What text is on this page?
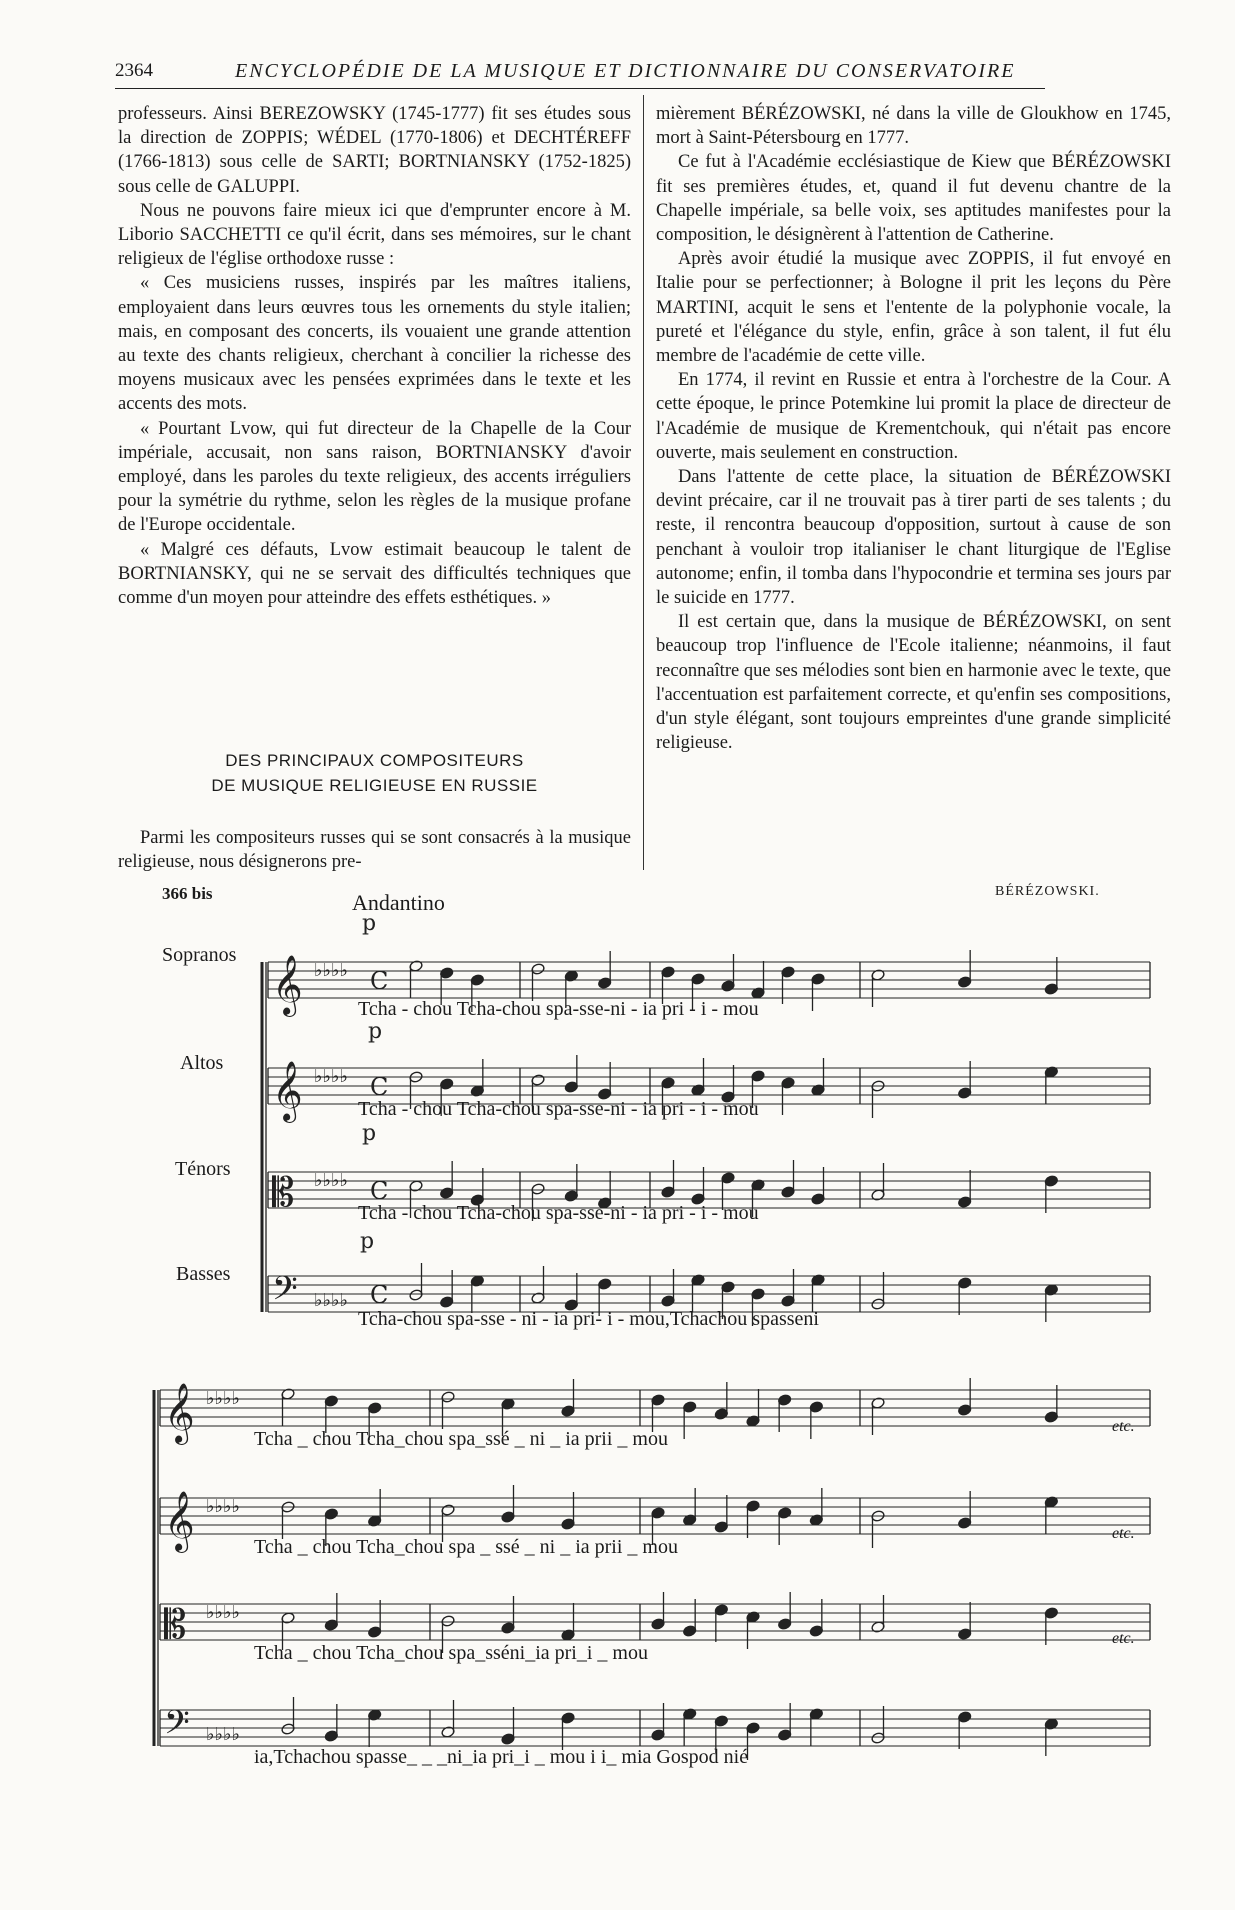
2364	ENCYCLOPÉDIE DE LA MUSIQUE ET DICTIONNAIRE DU CONSERVATOIRE

professeurs. Ainsi BEREZOWSKY (1745-1777) fit ses études sous la direction de ZOPPIS; WÉDEL (1770-1806) et DECHTÉREFF (1766-1813) sous celle de SARTI; BORTNIANSKY (1752-1825) sous celle de GALUPPI.

Nous ne pouvons faire mieux ici que d'emprunter encore à M. Liborio SACCHETTI ce qu'il écrit, dans ses mémoires, sur le chant religieux de l'église orthodoxe russe :

« Ces musiciens russes, inspirés par les maîtres italiens, employaient dans leurs œuvres tous les ornements du style italien; mais, en composant des concerts, ils vouaient une grande attention au texte des chants religieux, cherchant à concilier la richesse des moyens musicaux avec les pensées exprimées dans le texte et les accents des mots.

« Pourtant Lvow, qui fut directeur de la Chapelle de la Cour impériale, accusait, non sans raison, BORTNIANSKY d'avoir employé, dans les paroles du texte religieux, des accents irréguliers pour la symétrie du rythme, selon les règles de la musique profane de l'Europe occidentale.

« Malgré ces défauts, Lvow estimait beaucoup le talent de BORTNIANSKY, qui ne se servait des difficultés techniques que comme d'un moyen pour atteindre des effets esthétiques. »

DES PRINCIPAUX COMPOSITEURS
DE MUSIQUE RELIGIEUSE EN RUSSIE
Parmi les compositeurs russes qui se sont consacrés à la musique religieuse, nous désignerons pre-

mièrement BÉRÉZOWSKI, né dans la ville de Gloukhow en 1745, mort à Saint-Pétersbourg en 1777.

Ce fut à l'Académie ecclésiastique de Kiew que BÉRÉZOWSKI fit ses premières études, et, quand il fut devenu chantre de la Chapelle impériale, sa belle voix, ses aptitudes manifestes pour la composition, le désignèrent à l'attention de Catherine.

Après avoir étudié la musique avec ZOPPIS, il fut envoyé en Italie pour se perfectionner; à Bologne il prit les leçons du Père MARTINI, acquit le sens et l'entente de la polyphonie vocale, la pureté et l'élégance du style, enfin, grâce à son talent, il fut élu membre de l'académie de cette ville.

En 1774, il revint en Russie et entra à l'orchestre de la Cour. A cette époque, le prince Potemkine lui promit la place de directeur de l'Académie de musique de Krementchouk, qui n'était pas encore ouverte, mais seulement en construction.

Dans l'attente de cette place, la situation de BÉRÉZOWSKI devint précaire, car il ne trouvait pas à tirer parti de ses talents ; du reste, il rencontra beaucoup d'opposition, surtout à cause de son penchant à vouloir trop italianiser le chant liturgique de l'Eglise autonome; enfin, il tomba dans l'hypocondrie et termina ses jours par le suicide en 1777.

Il est certain que, dans la musique de BÉRÉZOWSKI, on sent beaucoup trop l'influence de l'Ecole italienne; néanmoins, il faut reconnaître que ses mélodies sont bien en harmonie avec le texte, que l'accentuation est parfaitement correcte, et qu'enfin ses compositions, d'un style élégant, sont toujours empreintes d'une grande simplicité religieuse.

366 bis	Andantino	BÉRÉZOWSKI.
𝄞 ♭♭♭♭ C
𝄞 ♭♭♭♭ C
𝄡 ♭♭♭♭ C
𝄢 ♭♭♭♭ C
𝄞 ♭♭♭♭
𝄞 ♭♭♭♭
𝄡 ♭♭♭♭
𝄢 ♭♭♭♭
p
p
p
p
Sopranos
Altos
Ténors
Basses
Tcha - chou Tcha-chou spa-sse-ni - ia pri - i - mou
Tcha - chou Tcha-chou spa-sse-ni - ia pri - i - mou
Tcha - chou Tcha-chou spa-sse-ni - ia pri - i - mou
Tcha-chou spa-sse - ni - ia pri- i - mou,Tchachou spasseni
Tcha _ chou Tcha_chou spa_ssé _ ni _ ia prii _ mou
Tcha _ chou Tcha_chou spa _ ssé _ ni _ ia prii _ mou
Tcha _ chou Tcha_chou spa_sséni_ia pri_i _ mou
ia,Tchachou spasse_ _ _ni_ia pri_i _ mou i i_ mia Gospod nié
etc.
etc.
etc.
